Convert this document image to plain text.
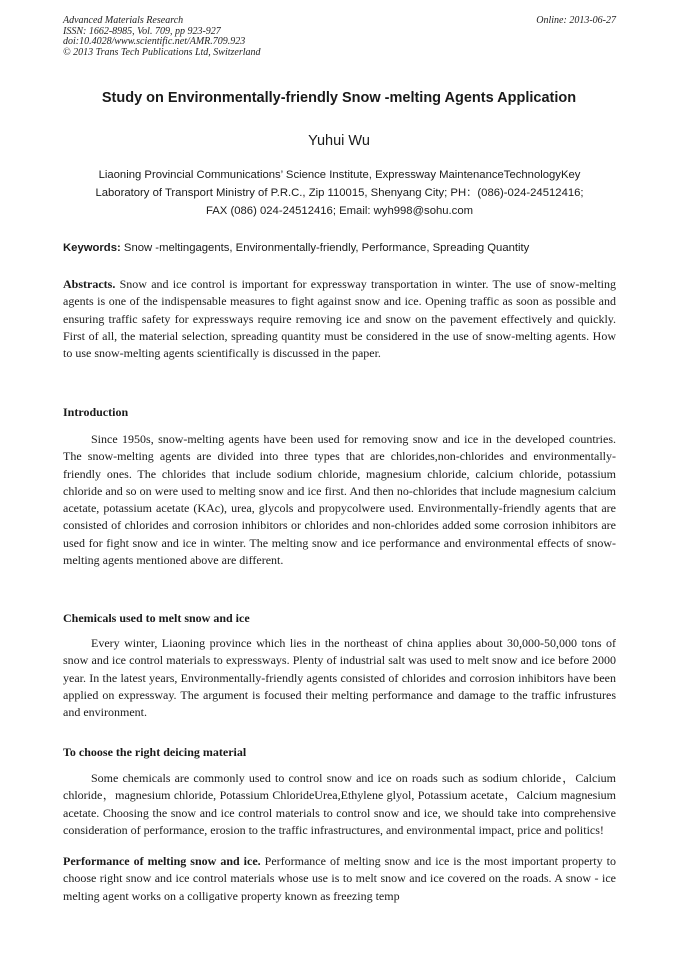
Advanced Materials Research
ISSN: 1662-8985, Vol. 709, pp 923-927
doi:10.4028/www.scientific.net/AMR.709.923
© 2013 Trans Tech Publications Ltd, Switzerland
Online: 2013-06-27
Study on Environmentally-friendly Snow -melting Agents Application
Yuhui Wu
Liaoning Provincial Communications’ Science Institute, Expressway MaintenanceTechnologyKey
Laboratory of Transport Ministry of P.R.C., Zip 110015, Shenyang City; PH：(086)-024-24512416;
FAX (086) 024-24512416; Email: wyh998@sohu.com
Keywords: Snow -meltingagents, Environmentally-friendly, Performance, Spreading Quantity
Abstracts. Snow and ice control is important for expressway transportation in winter. The use of snow-melting agents is one of the indispensable measures to fight against snow and ice. Opening traffic as soon as possible and ensuring traffic safety for expressways require removing ice and snow on the pavement effectively and quickly. First of all, the material selection, spreading quantity must be considered in the use of snow-melting agents. How to use snow-melting agents scientifically is discussed in the paper.
Introduction
Since 1950s, snow-melting agents have been used for removing snow and ice in the developed countries. The snow-melting agents are divided into three types that are chlorides,non-chlorides and environmentally-friendly ones. The chlorides that include sodium chloride, magnesium chloride, calcium chloride, potassium chloride and so on were used to melting snow and ice first. And then no-chlorides that include magnesium calcium acetate, potassium acetate (KAc), urea, glycols and propycolwere used. Environmentally-friendly agents that are consisted of chlorides and corrosion inhibitors or chlorides and non-chlorides added some corrosion inhibitors are used for fight snow and ice in winter. The melting snow and ice performance and environmental effects of snow-melting agents mentioned above are different.
Chemicals used to melt snow and ice
Every winter, Liaoning province which lies in the northeast of china applies about 30,000-50,000 tons of snow and ice control materials to expressways. Plenty of industrial salt was used to melt snow and ice before 2000 year. In the latest years, Environmentally-friendly agents consisted of chlorides and corrosion inhibitors have been applied on expressway. The argument is focused their melting performance and damage to the traffic infrustures and environment.
To choose the right deicing material
Some chemicals are commonly used to control snow and ice on roads such as sodium chloride，Calcium chloride，magnesium chloride, Potassium ChlorideUrea,Ethylene glyol, Potassium acetate，Calcium magnesium acetate. Choosing the snow and ice control materials to control snow and ice, we should take into comprehensive consideration of performance, erosion to the traffic infrastructures, and environmental impact, price and politics!
Performance of melting snow and ice. Performance of melting snow and ice is the most important property to choose right snow and ice control materials whose use is to melt snow and ice covered on the roads. A snow - ice melting agent works on a colligative property known as freezing temp
